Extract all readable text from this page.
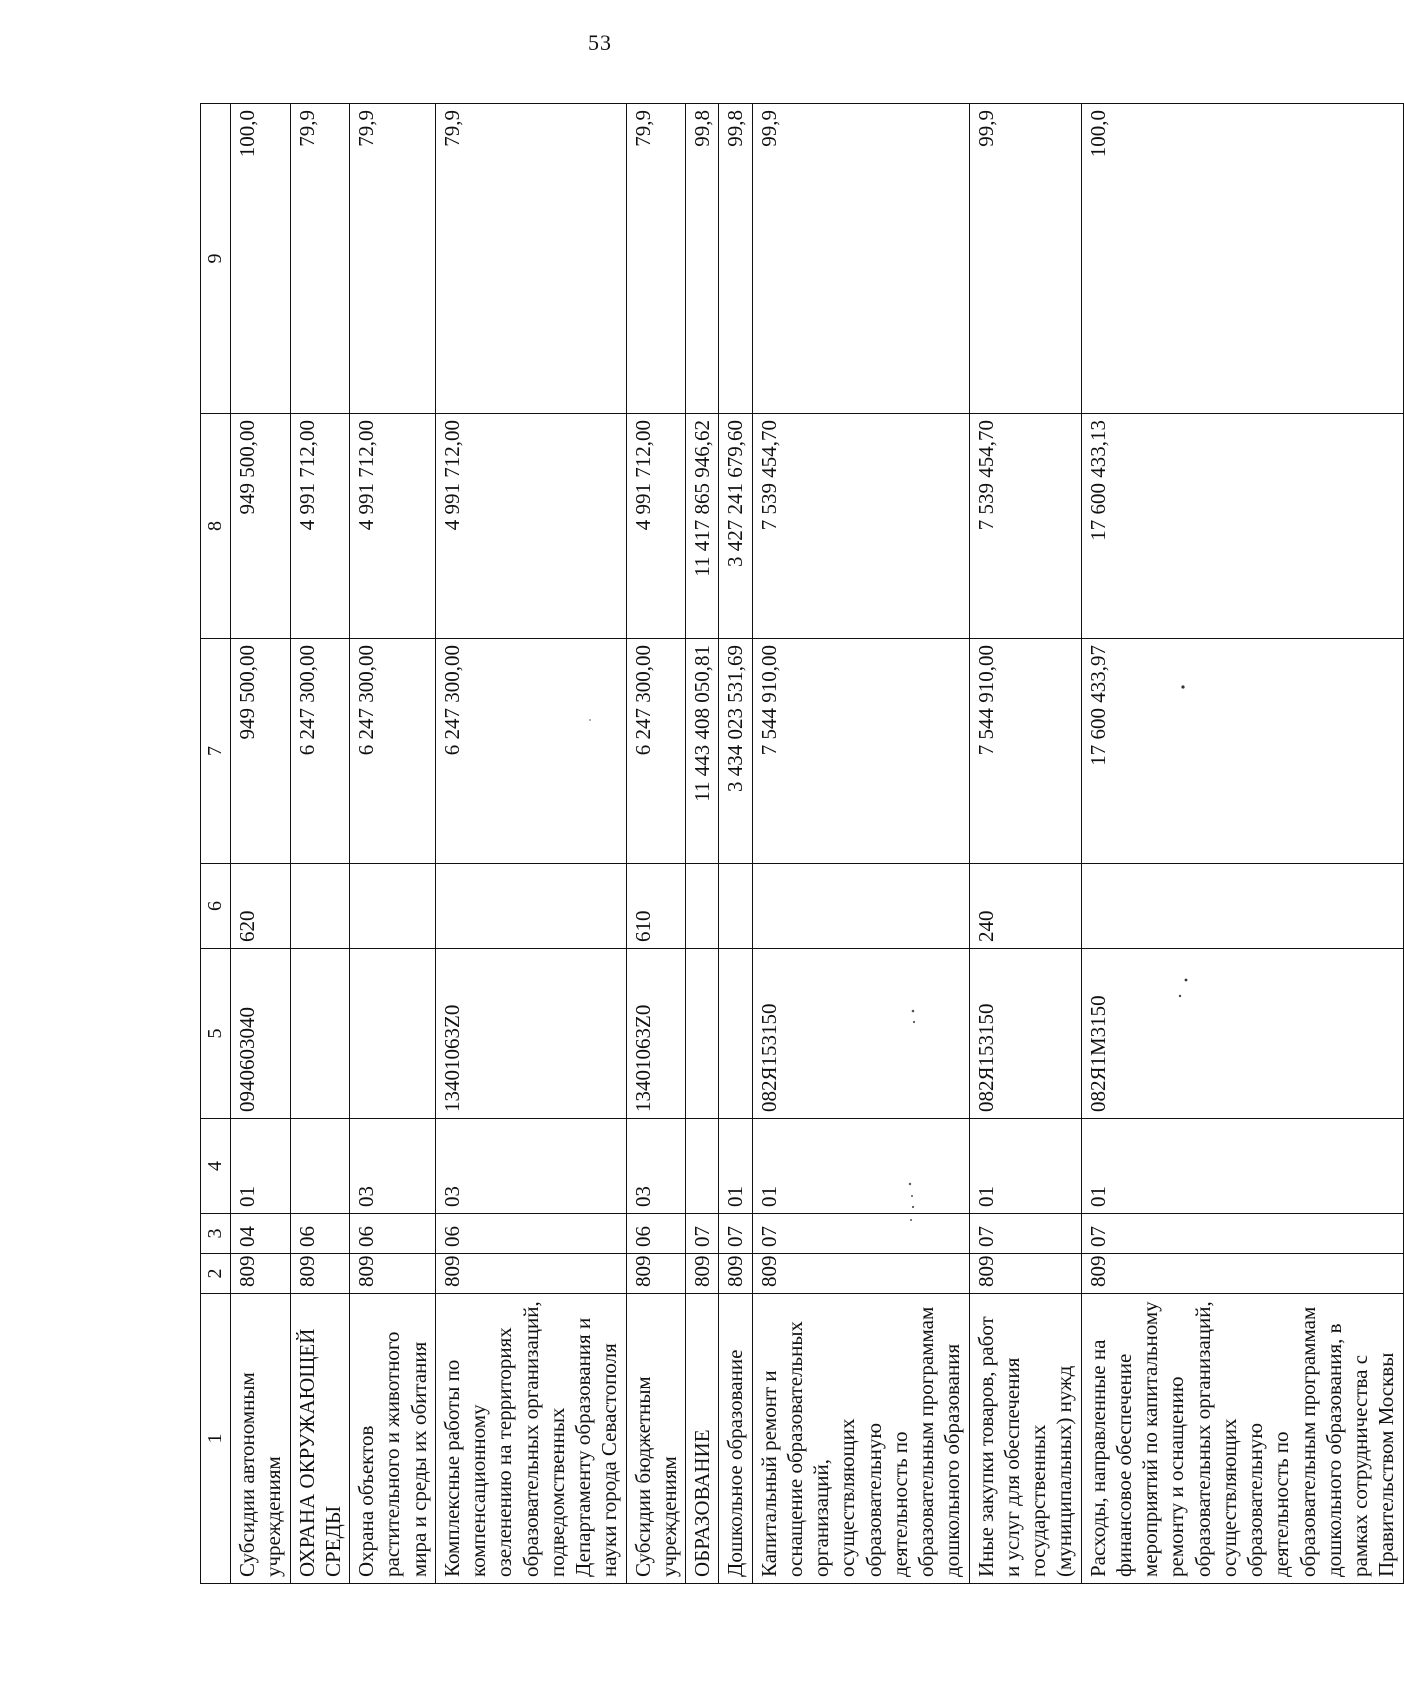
53
1	2	3	4	5	6	7	8	9
Субсидии автономным учреждениям	809	04	01	0940603040	620	949 500,00	949 500,00	100,0
ОХРАНА ОКРУЖАЮЩЕЙ СРЕДЫ	809	06				6 247 300,00	4 991 712,00	79,9
Охрана объектов растительного и животного мира и среды их обитания	809	06	03			6 247 300,00	4 991 712,00	79,9
Комплексные работы по компенсационному озеленению на территориях образовательных организаций, подведомственных Департаменту образования и науки города Севастополя	809	06	03	13401063Z0		6 247 300,00	4 991 712,00	79,9
Субсидии бюджетным учреждениям	809	06	03	13401063Z0	610	6 247 300,00	4 991 712,00	79,9
ОБРАЗОВАНИЕ	809	07				11 443 408 050,81	11 417 865 946,62	99,8
Дошкольное образование	809	07	01			3 434 023 531,69	3 427 241 679,60	99,8
Капитальный ремонт и оснащение образовательных организаций, осуществляющих образовательную деятельность по образовательным программам дошкольного образования	809	07	01	082Я153150		7 544 910,00	7 539 454,70	99,9
Иные закупки товаров, работ и услуг для обеспечения государственных (муниципальных) нужд	809	07	01	082Я153150	240	7 544 910,00	7 539 454,70	99,9
Расходы, направленные на финансовое обеспечение мероприятий по капитальному ремонту и оснащению образовательных организаций, осуществляющих образовательную деятельность по образовательным программам дошкольного образования, в рамках сотрудничества с Правительством Москвы	809	07	01	082Я1М3150		17 600 433,97	17 600 433,13	100,0
